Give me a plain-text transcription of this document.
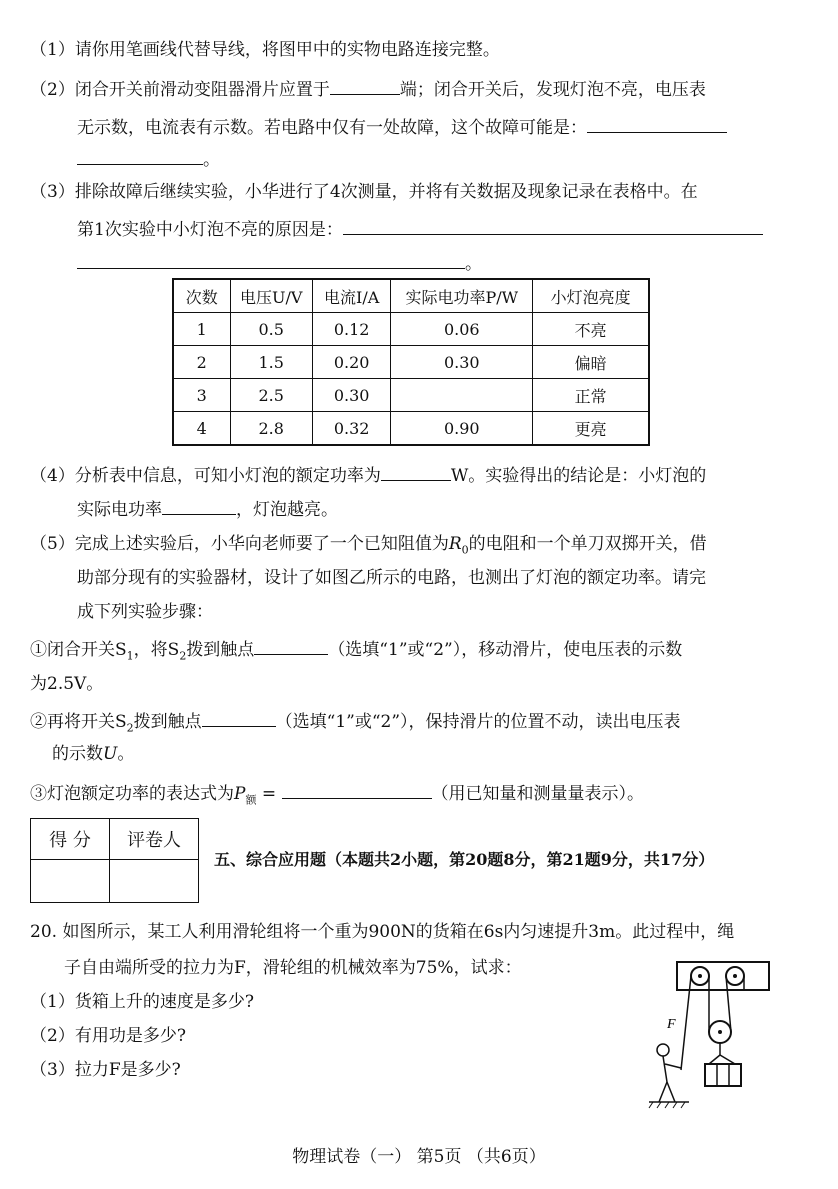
（1）请你用笔画线代替导线，将图甲中的实物电路连接完整。
（2）闭合开关前滑动变阻器滑片应置于	端；闭合开关后，发现灯泡不亮，电压表
无示数，电流表有示数。若电路中仅有一处故障，这个故障可能是：
。
（3）排除故障后继续实验，小华进行了4次测量，并将有关数据及现象记录在表格中。在
第1次实验中小灯泡不亮的原因是：
。
次数	电压U/V	电流I/A	实际电功率P/W	小灯泡亮度
1	0.5	0.12	0.06	不亮
2	1.5	0.20	0.30	偏暗
3	2.5	0.30		正常
4	2.8	0.32	0.90	更亮
（4）分析表中信息，可知小灯泡的额定功率为	W。实验得出的结论是：小灯泡的
实际电功率	，灯泡越亮。
（5）完成上述实验后，小华向老师要了一个已知阻值为$R_0$的电阻和一个单刀双掷开关，借
助部分现有的实验器材，设计了如图乙所示的电路，也测出了灯泡的额定功率。请完
成下列实验步骤：
①闭合开关$S_1$，将$S_2$拨到触点	（选填“1”或“2”），移动滑片，使电压表的示数
为2.5V。
②再将开关$S_2$拨到触点	（选填“1”或“2”），保持滑片的位置不动，读出电压表
的示数U。
③灯泡额定功率的表达式为$P_额$ =	（用已知量和测量量表示）。
得 分	评卷人

五、综合应用题（本题共2小题，第20题8分，第21题9分，共17分）
20. 如图所示，某工人利用滑轮组将一个重为900N的货箱在6s内匀速提升3m。此过程中，绳
子自由端所受的拉力为F，滑轮组的机械效率为75%，试求：
（1）货箱上升的速度是多少?
（2）有用功是多少?
（3）拉力F是多少?
F
物理试卷（一） 第5页 （共6页）
